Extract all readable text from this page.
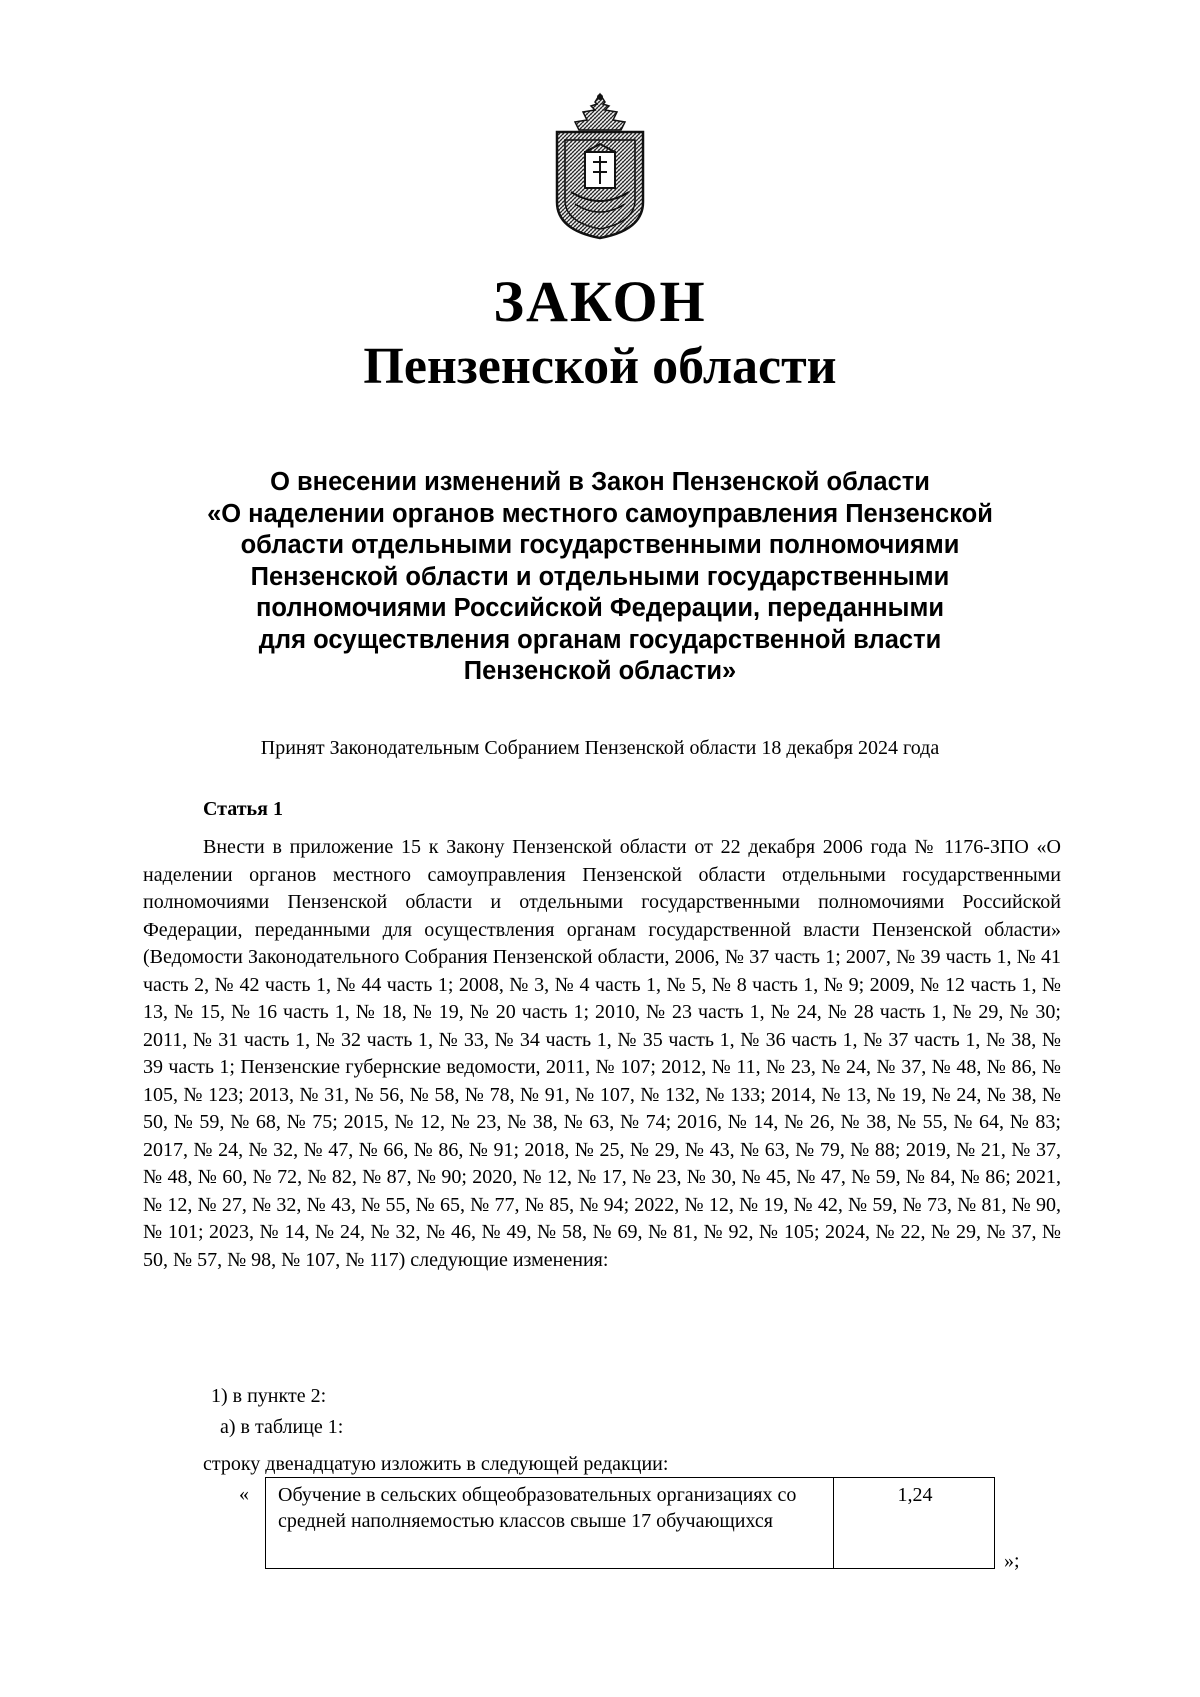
ЗАКОН
Пензенской области
О внесении изменений в Закон Пензенской области
«О наделении органов местного самоуправления Пензенской
области отдельными государственными полномочиями
Пензенской области и отдельными государственными
полномочиями Российской Федерации, переданными
для осуществления органам государственной власти
Пензенской области»
Принят Законодательным Собранием Пензенской области 18 декабря 2024 года
Статья 1

Внести в приложение 15 к Закону Пензенской области от 22 декабря 2006 года № 1176-ЗПО «О наделении органов местного самоуправления Пензенской области отдельными государственными полномочиями Пензенской области и отдельными государственными полномочиями Российской Федерации, переданными для осуществления органам государственной власти Пензенской области» (Ведомости Законодательного Собрания Пензенской области, 2006, № 37 часть 1; 2007, № 39 часть 1, № 41 часть 2, № 42 часть 1, № 44 часть 1; 2008, № 3, № 4 часть 1, № 5, № 8 часть 1, № 9; 2009, № 12 часть 1, № 13, № 15, № 16 часть 1, № 18, № 19, № 20 часть 1; 2010, № 23 часть 1, № 24, № 28 часть 1, № 29, № 30; 2011, № 31 часть 1, № 32 часть 1, № 33, № 34 часть 1, № 35 часть 1, № 36 часть 1, № 37 часть 1, № 38, № 39 часть 1; Пензенские губернские ведомости, 2011, № 107; 2012, № 11, № 23, № 24, № 37, № 48, № 86, № 105, № 123; 2013, № 31, № 56, № 58, № 78, № 91, № 107, № 132, № 133; 2014, № 13, № 19, № 24, № 38, № 50, № 59, № 68, № 75; 2015, № 12, № 23, № 38, № 63, № 74; 2016, № 14, № 26, № 38, № 55, № 64, № 83; 2017, № 24, № 32, № 47, № 66, № 86, № 91; 2018, № 25, № 29, № 43, № 63, № 79, № 88; 2019, № 21, № 37, № 48, № 60, № 72, № 82, № 87, № 90; 2020, № 12, № 17, № 23, № 30, № 45, № 47, № 59, № 84, № 86; 2021, № 12, № 27, № 32, № 43, № 55, № 65, № 77, № 85, № 94; 2022, № 12, № 19, № 42, № 59, № 73, № 81, № 90, № 101; 2023, № 14, № 24, № 32, № 46, № 49, № 58, № 69, № 81, № 92, № 105; 2024, № 22, № 29, № 37, № 50, № 57, № 98, № 107, № 117) следующие изменения:

1) в пункте 2:
а) в таблице 1:
строку двенадцатую изложить в следующей редакции:
« Обучение в сельских общеобразовательных организациях со средней наполняемостью классов свыше 17 обучающихся	1,24
»;
